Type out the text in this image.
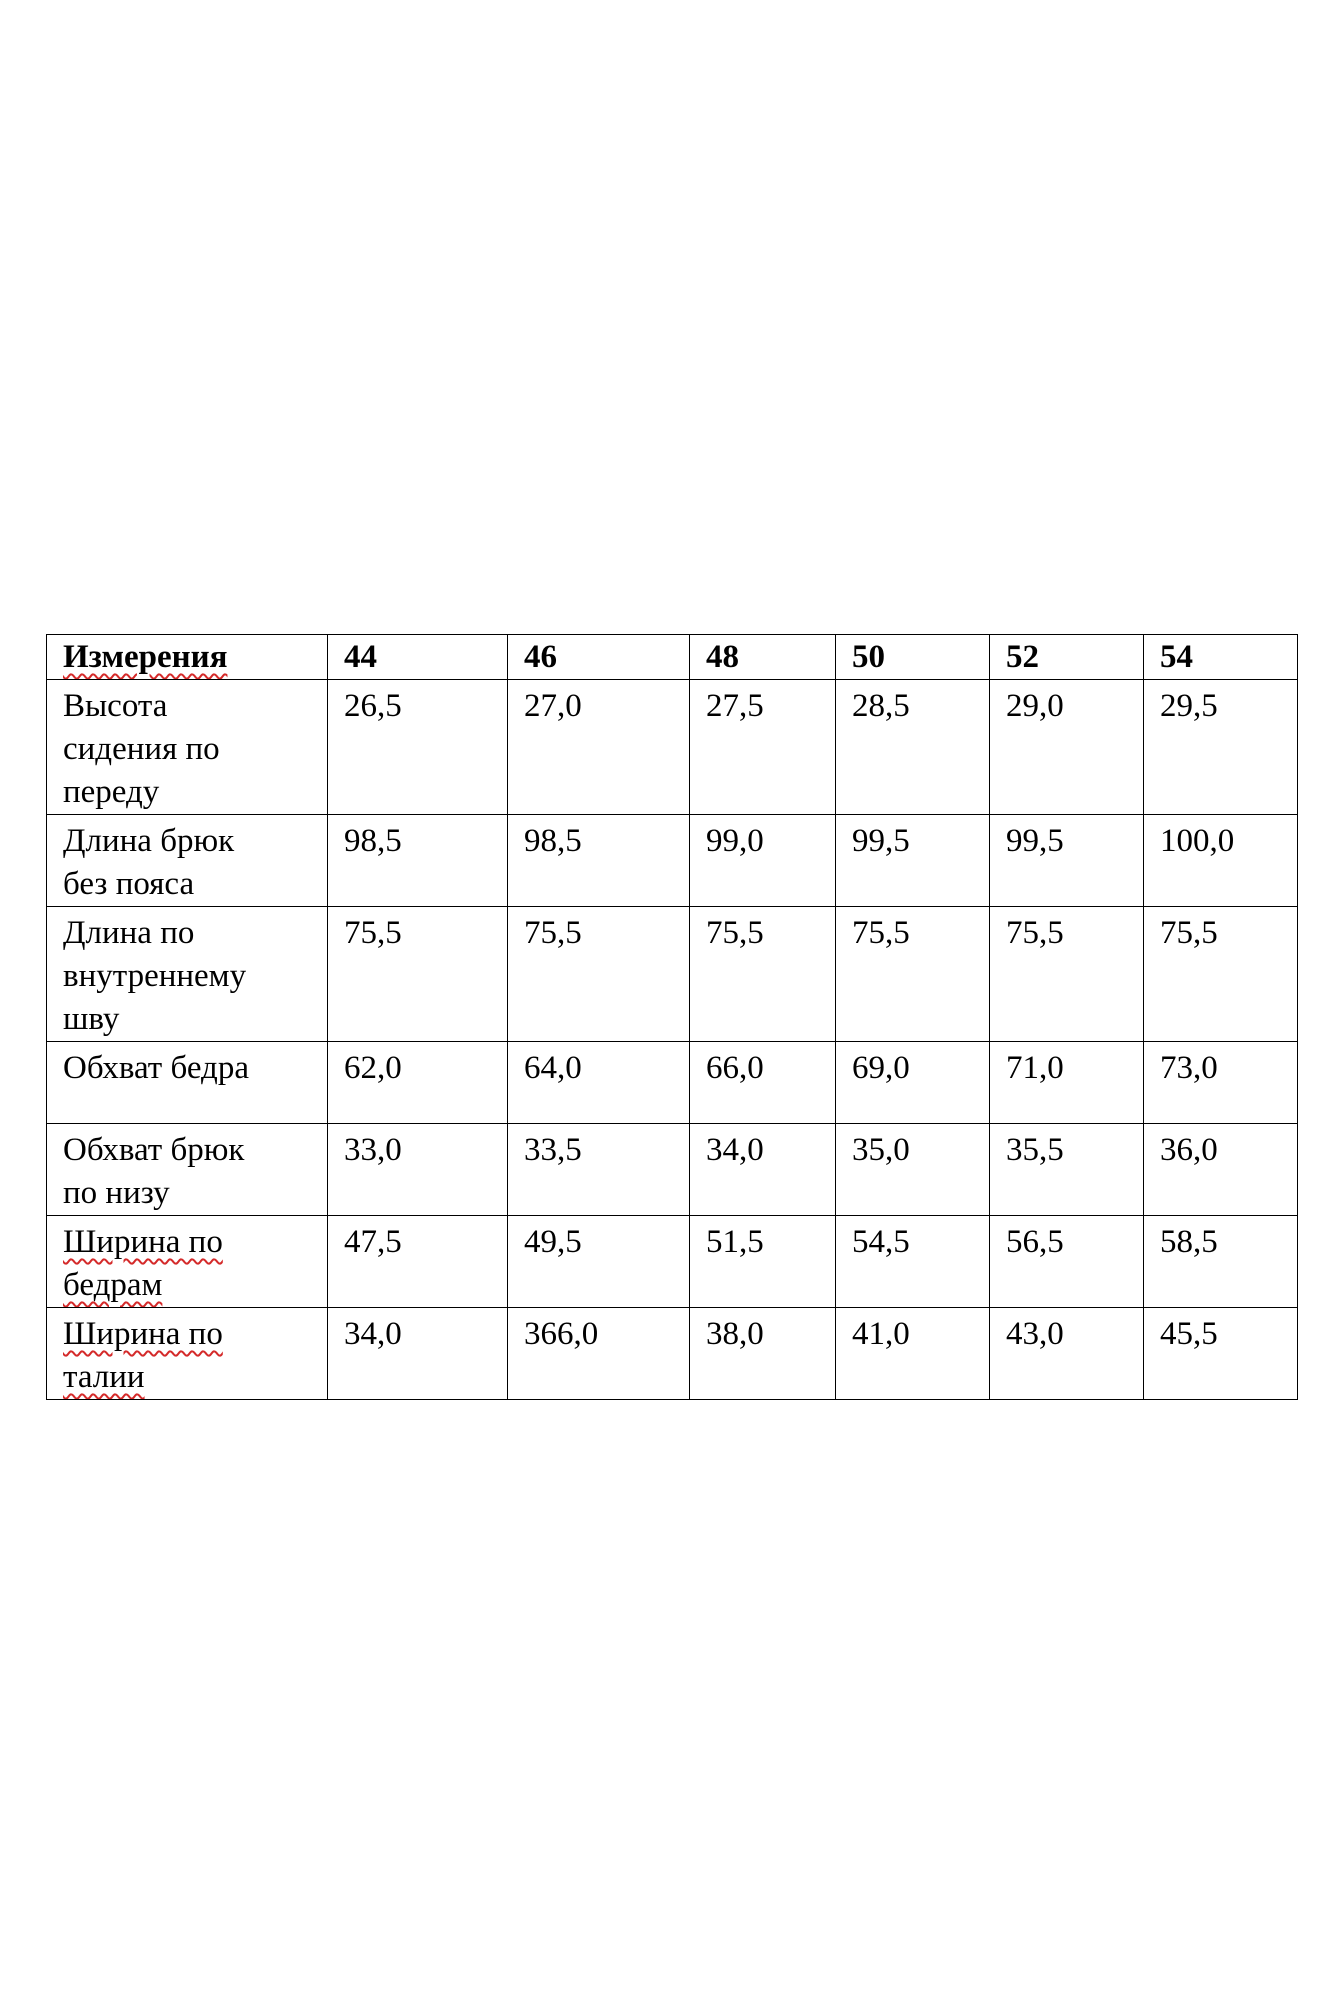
Измерения	44	46	48	50	52	54

Высота
сидения по
переду	26,5	27,0	27,5	28,5	29,0	29,5

Длина брюк
без пояса	98,5	98,5	99,0	99,5	99,5	100,0

Длина по
внутреннему
шву	75,5	75,5	75,5	75,5	75,5	75,5

Обхват бедра	62,0	64,0	66,0	69,0	71,0	73,0

Обхват брюк
по низу	33,0	33,5	34,0	35,0	35,5	36,0

Ширина по
бедрам	47,5	49,5	51,5	54,5	56,5	58,5

Ширина по
талии	34,0	366,0	38,0	41,0	43,0	45,5
